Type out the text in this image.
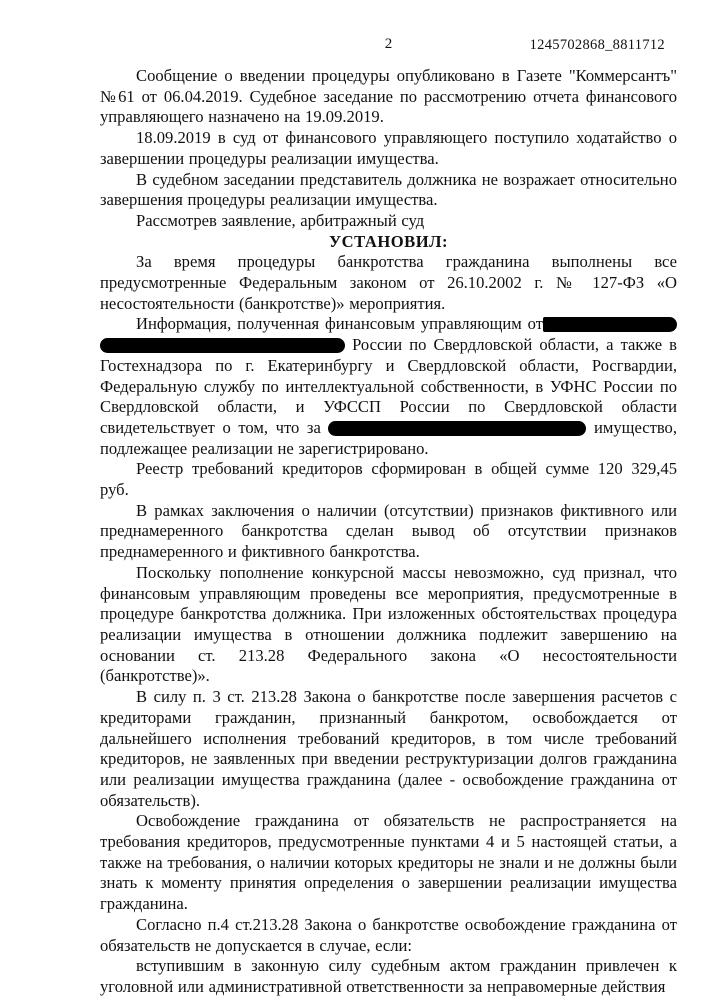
2	1245702868_8811712

Сообщение о введении процедуры опубликовано в Газете "Коммерсантъ" №61 от 06.04.2019. Судебное заседание по рассмотрению отчета финансового управляющего назначено на 19.09.2019.

18.09.2019 в суд от финансового управляющего поступило ходатайство о завершении процедуры реализации имущества.

В судебном заседании представитель должника не возражает относительно завершения процедуры реализации имущества.

Рассмотрев заявление, арбитражный суд

УСТАНОВИЛ:

За время процедуры банкротства гражданина выполнены все предусмотренные Федеральным законом от 26.10.2002 г. № 127-ФЗ «О несостоятельности (банкротстве)» мероприятия.

Информация, полученная финансовым управляющим от  России по Свердловской области, а также в Гостехнадзора по г. Екатеринбургу и Свердловской области, Росгвардии, Федеральную службу по интеллектуальной собственности, в УФНС России по Свердловской области, и УФССП России по Свердловской области свидетельствует о том, что за	имущество, подлежащее реализации не зарегистрировано.

Реестр требований кредиторов сформирован в общей сумме 120 329,45 руб.

В рамках заключения о наличии (отсутствии) признаков фиктивного или преднамеренного банкротства сделан вывод об отсутствии признаков преднамеренного и фиктивного банкротства.

Поскольку пополнение конкурсной массы невозможно, суд признал, что финансовым управляющим проведены все мероприятия, предусмотренные в процедуре банкротства должника. При изложенных обстоятельствах процедура реализации имущества в отношении должника подлежит завершению на основании ст. 213.28 Федерального закона «О несостоятельности (банкротстве)».

В силу п. 3 ст. 213.28 Закона о банкротстве после завершения расчетов с кредиторами гражданин, признанный банкротом, освобождается от дальнейшего исполнения требований кредиторов, в том числе требований кредиторов, не заявленных при введении реструктуризации долгов гражданина или реализации имущества гражданина (далее - освобождение гражданина от обязательств).

Освобождение гражданина от обязательств не распространяется на требования кредиторов, предусмотренные пунктами 4 и 5 настоящей статьи, а также на требования, о наличии которых кредиторы не знали и не должны были знать к моменту принятия определения о завершении реализации имущества гражданина.

Согласно п.4 ст.213.28 Закона о банкротстве освобождение гражданина от обязательств не допускается в случае, если:

вступившим в законную силу судебным актом гражданин привлечен к уголовной или административной ответственности за неправомерные действия
